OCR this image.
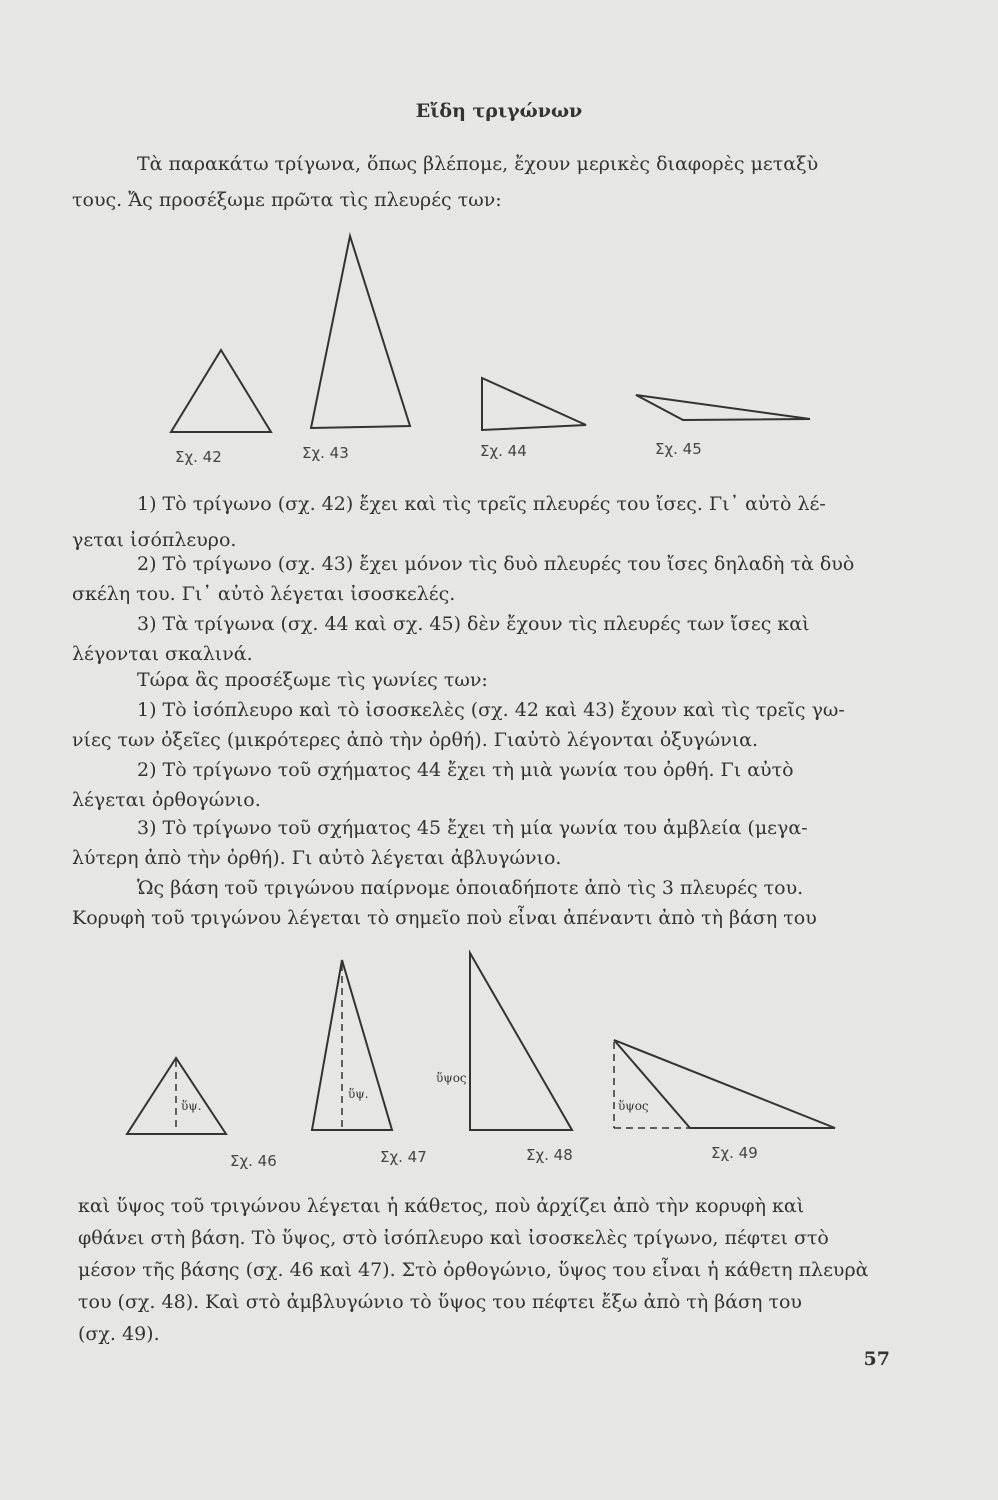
Εἴδη τριγώνων
Τὰ παρακάτω τρίγωνα, ὅπως βλέπομε, ἔχουν μερικὲς διαφορὲς μεταξὺ
τους. Ἄς προσέξωμε πρῶτα τὶς πλευρές των:
Σχ. 42	Σχ. 43	Σχ. 44	Σχ. 45
1) Τὸ τρίγωνο (σχ. 42) ἔχει καὶ τὶς τρεῖς πλευρές του ἴσες. Γι᾿ αὐτὸ λέ-
γεται ἰσόπλευρο.
2) Τὸ τρίγωνο (σχ. 43) ἔχει μόνον τὶς δυὸ πλευρές του ἴσες δηλαδὴ τὰ δυὸ
σκέλη του. Γι᾿ αὐτὸ λέγεται ἰσοσκελές.
3) Τὰ τρίγωνα (σχ. 44 καὶ σχ. 45) δὲν ἔχουν τὶς πλευρές των ἴσες καὶ
λέγονται σκαλινά.
Τώρα ἂς προσέξωμε τὶς γωνίες των:
1) Τὸ ἰσόπλευρο καὶ τὸ ἰσοσκελὲς (σχ. 42 καὶ 43) ἔχουν καὶ τὶς τρεῖς γω-
νίες των ὀξεῖες (μικρότερες ἀπὸ τὴν ὀρθή). Γιαὐτὸ λέγονται ὀξυγώνια.
2) Τὸ τρίγωνο τοῦ σχήματος 44 ἔχει τὴ μιὰ γωνία του ὀρθή. Γι αὐτὸ
λέγεται ὀρθογώνιο.
3) Τὸ τρίγωνο τοῦ σχήματος 45 ἔχει τὴ μία γωνία του ἀμβλεία (μεγα-
λύτερη ἀπὸ τὴν ὀρθή). Γι αὐτὸ λέγεται ἀβλυγώνιο.
Ὡς βάση τοῦ τριγώνου παίρνομε ὁποιαδήποτε ἀπὸ τὶς 3 πλευρές του.
Κορυφὴ τοῦ τριγώνου λέγεται τὸ σημεῖο ποὺ εἶναι ἀπέναντι ἀπὸ τὴ βάση του
ὕψ.
ὕψ.
ὕψος
ὕψος
Σχ. 46	Σχ. 47	Σχ. 48	Σχ. 49
καὶ ὕψος τοῦ τριγώνου λέγεται ἡ κάθετος, ποὺ ἀρχίζει ἀπὸ τὴν κορυφὴ καὶ
φθάνει στὴ βάση. Τὸ ὕψος, στὸ ἰσόπλευρο καὶ ἰσοσκελὲς τρίγωνο, πέφτει στὸ
μέσον τῆς βάσης (σχ. 46 καὶ 47). Στὸ ὀρθογώνιο, ὕψος του εἶναι ἡ κάθετη πλευρὰ
του (σχ. 48). Καὶ στὸ ἀμβλυγώνιο τὸ ὕψος του πέφτει ἔξω ἀπὸ τὴ βάση του
(σχ. 49).
57
